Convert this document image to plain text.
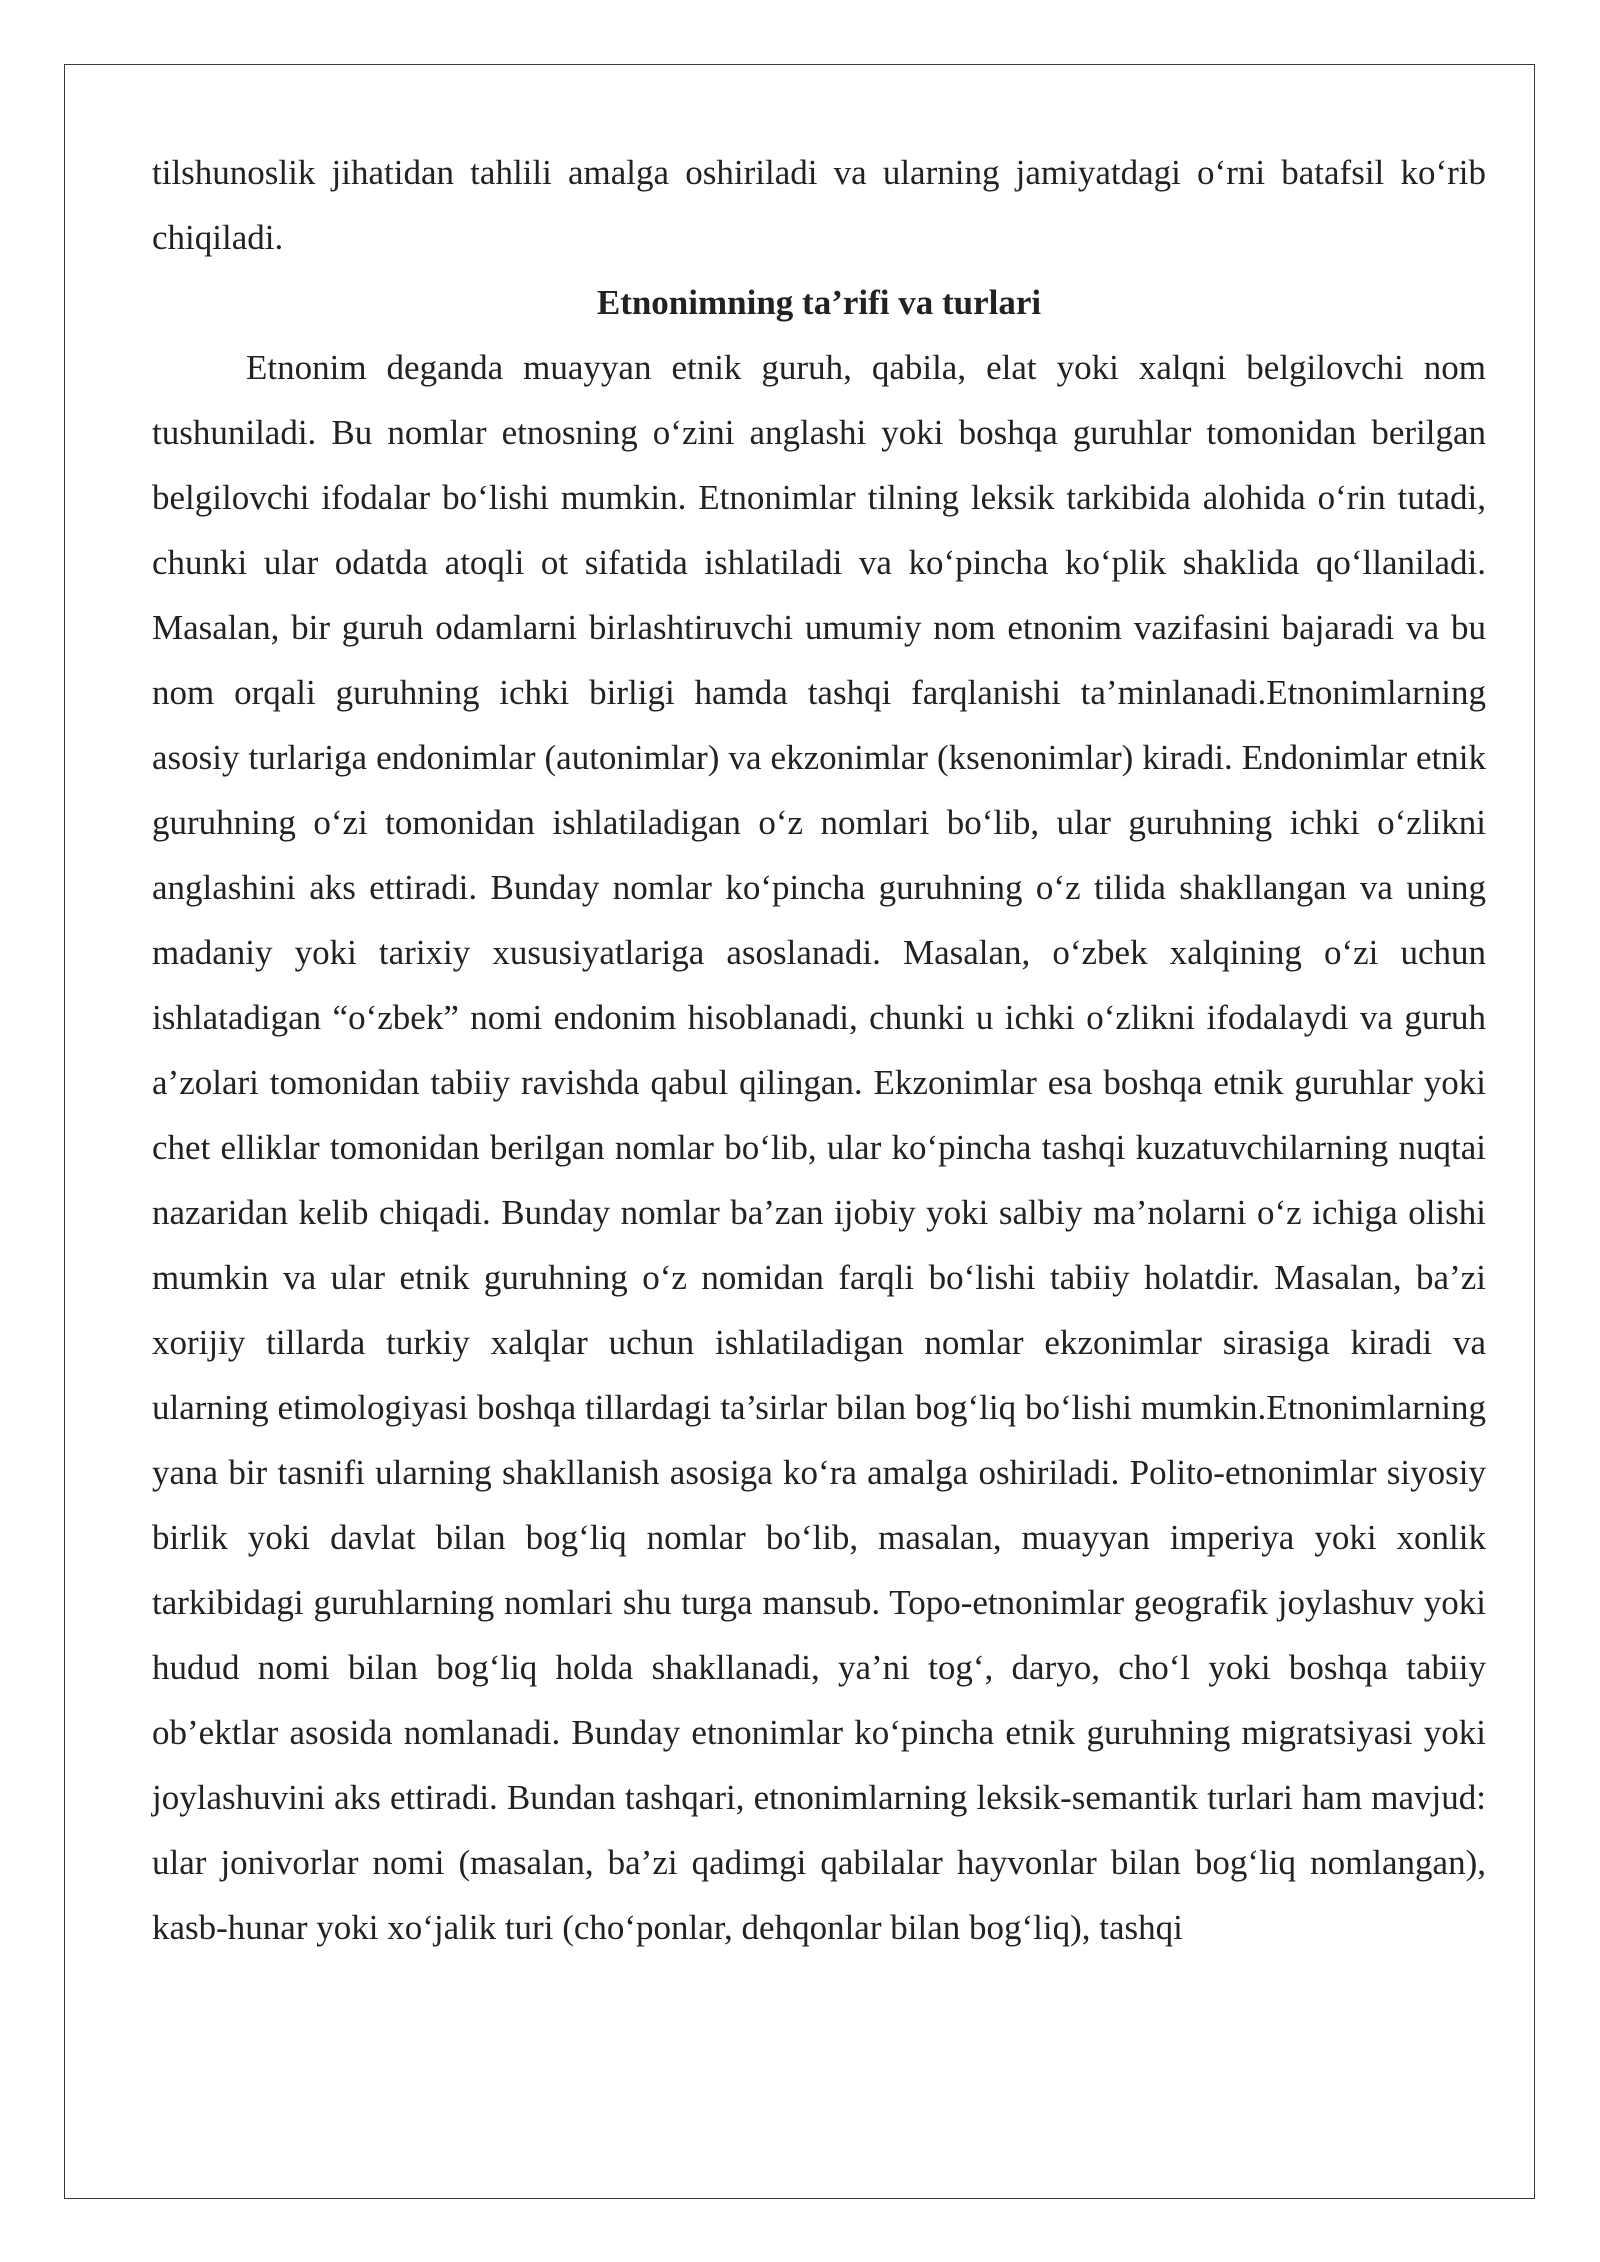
tilshunoslik jihatidan tahlili amalga oshiriladi va ularning jamiyatdagi o‘rni batafsil ko‘rib chiqiladi.

Etnonimning ta’rifi va turlari

Etnonim deganda muayyan etnik guruh, qabila, elat yoki xalqni belgilovchi nom tushuniladi. Bu nomlar etnosning o‘zini anglashi yoki boshqa guruhlar tomonidan berilgan belgilovchi ifodalar bo‘lishi mumkin. Etnonimlar tilning leksik tarkibida alohida o‘rin tutadi, chunki ular odatda atoqli ot sifatida ishlatiladi va ko‘pincha ko‘plik shaklida qo‘llaniladi. Masalan, bir guruh odamlarni birlashtiruvchi umumiy nom etnonim vazifasini bajaradi va bu nom orqali guruhning ichki birligi hamda tashqi farqlanishi ta’minlanadi.Etnonimlarning asosiy turlariga endonimlar (autonimlar) va ekzonimlar (ksenonimlar) kiradi. Endonimlar etnik guruhning o‘zi tomonidan ishlatiladigan o‘z nomlari bo‘lib, ular guruhning ichki o‘zlikni anglashini aks ettiradi. Bunday nomlar ko‘pincha guruhning o‘z tilida shakllangan va uning madaniy yoki tarixiy xususiyatlariga asoslanadi. Masalan, o‘zbek xalqining o‘zi uchun ishlatadigan “o‘zbek” nomi endonim hisoblanadi, chunki u ichki o‘zlikni ifodalaydi va guruh a’zolari tomonidan tabiiy ravishda qabul qilingan. Ekzonimlar esa boshqa etnik guruhlar yoki chet elliklar tomonidan berilgan nomlar bo‘lib, ular ko‘pincha tashqi kuzatuvchilarning nuqtai nazaridan kelib chiqadi. Bunday nomlar ba’zan ijobiy yoki salbiy ma’nolarni o‘z ichiga olishi mumkin va ular etnik guruhning o‘z nomidan farqli bo‘lishi tabiiy holatdir. Masalan, ba’zi xorijiy tillarda turkiy xalqlar uchun ishlatiladigan nomlar ekzonimlar sirasiga kiradi va ularning etimologiyasi boshqa tillardagi ta’sirlar bilan bog‘liq bo‘lishi mumkin.Etnonimlarning yana bir tasnifi ularning shakllanish asosiga ko‘ra amalga oshiriladi. Polito-etnonimlar siyosiy birlik yoki davlat bilan bog‘liq nomlar bo‘lib, masalan, muayyan imperiya yoki xonlik tarkibidagi guruhlarning nomlari shu turga mansub. Topo-etnonimlar geografik joylashuv yoki hudud nomi bilan bog‘liq holda shakllanadi, ya’ni tog‘, daryo, cho‘l yoki boshqa tabiiy ob’ektlar asosida nomlanadi. Bunday etnonimlar ko‘pincha etnik guruhning migratsiyasi yoki joylashuvini aks ettiradi. Bundan tashqari, etnonimlarning leksik-semantik turlari ham mavjud: ular jonivorlar nomi (masalan, ba’zi qadimgi qabilalar hayvonlar bilan bog‘liq nomlangan), kasb-hunar yoki xo‘jalik turi (cho‘ponlar, dehqonlar bilan bog‘liq), tashqi
